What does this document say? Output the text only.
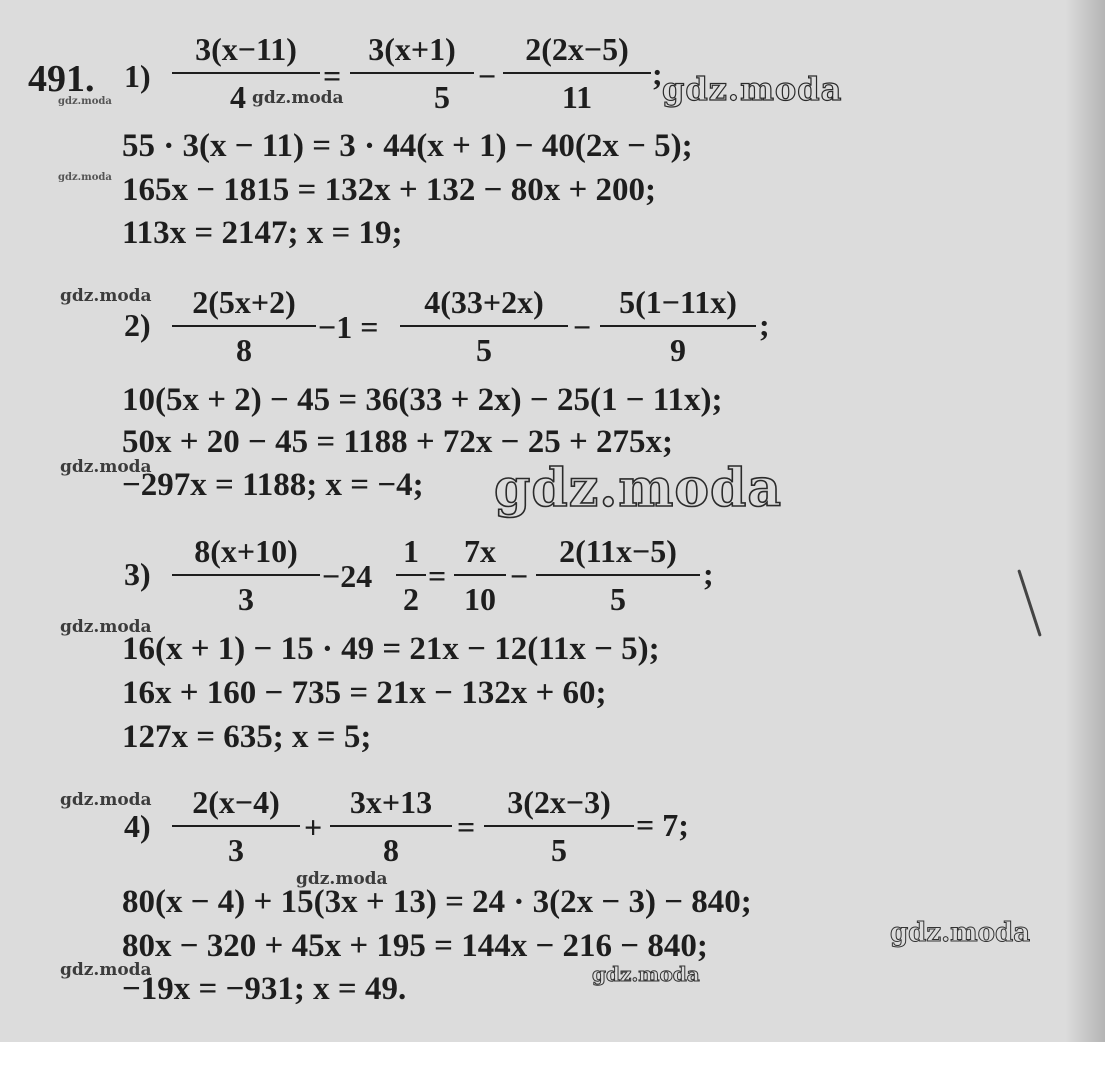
491. 1)
3(x−11)
4
=
3(x+1)
5
−
2(2x−5)
11
;
55 · 3(x − 11) = 3 · 44(x + 1) − 40(2x − 5);
165x − 1815 = 132x + 132 − 80x + 200;
113x = 2147; x = 19;
2)
2(5x+2)
8
−1 =
4(33+2x)
5
−
5(1−11x)
9
;
10(5x + 2) − 45 = 36(33 + 2x) − 25(1 − 11x);
50x + 20 − 45 = 1188 + 72x − 25 + 275x;
−297x = 1188; x = −4;
3)
8(x+10)
3
−24
1
2
=
7x
10
−
2(11x−5)
5
;
16(x + 1) − 15 · 49 = 21x − 12(11x − 5);
16x + 160 − 735 = 21x − 132x + 60;
127x = 635; x = 5;
4)
2(x−4)
3
+
3x+13
8
=
3(2x−3)
5
= 7;
80(x − 4) + 15(3x + 13) = 24 · 3(2x − 3) − 840;
80x − 320 + 45x + 195 = 144x − 216 − 840;
−19x = −931; x = 49.
gdz.moda
gdz.moda
gdz.moda
gdz.moda
gdz.moda
gdz.moda	gdz.moda
gdz.moda
gdz.moda
gdz.moda
gdz.moda
gdz.moda	gdz.moda
